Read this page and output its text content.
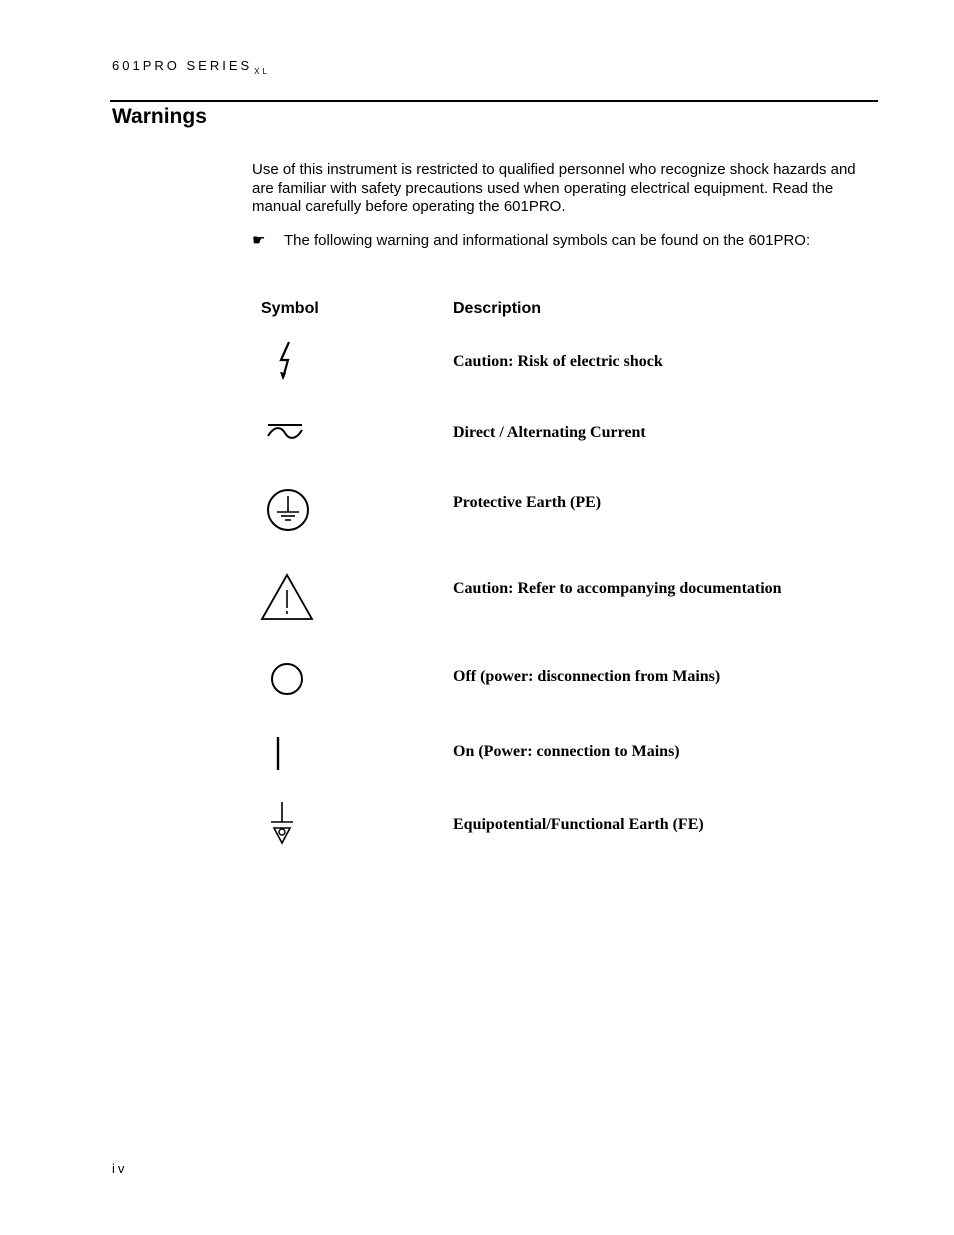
601PRO SERIES $_{XL}$
Warnings

Use of this instrument is restricted to qualified personnel who recognize shock hazards and are familiar with safety precautions used when operating electrical equipment. Read the manual carefully before operating the 601PRO.

☛ The following warning and informational symbols can be found on the 601PRO:
Symbol	Description
Caution: Risk of electric shock
Direct / Alternating Current
Protective Earth (PE)
Caution: Refer to accompanying documentation
Off (power: disconnection from Mains)
On (Power: connection to Mains)
Equipotential/Functional Earth (FE)
iv
